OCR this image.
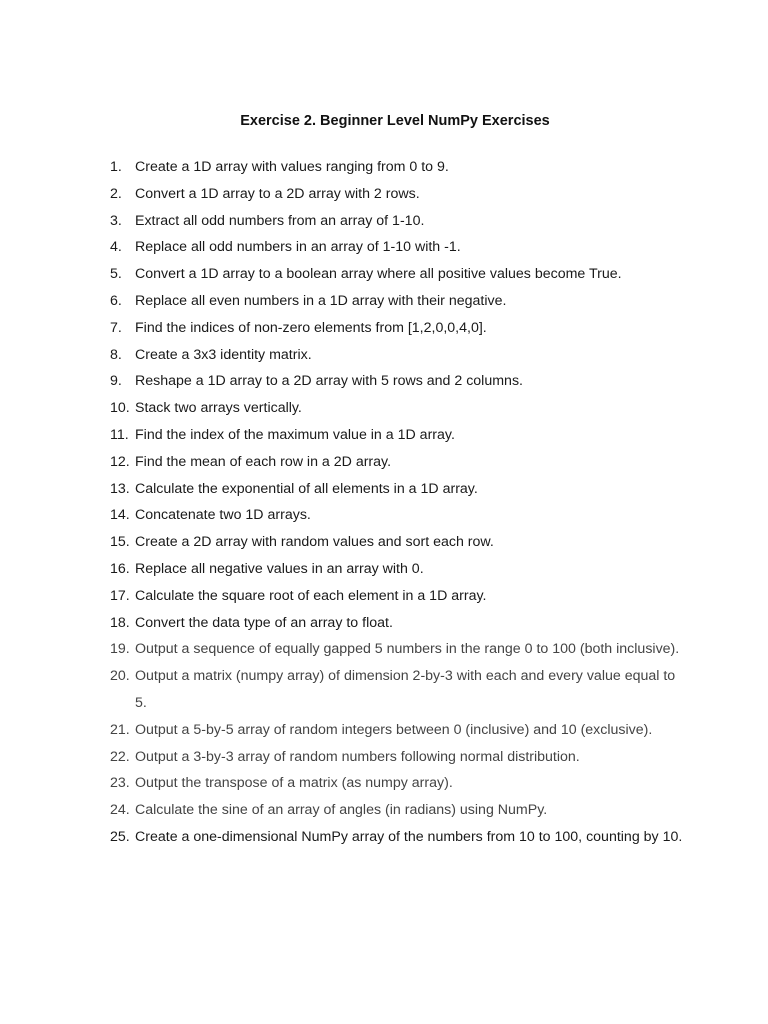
Exercise 2. Beginner Level NumPy Exercises
1. Create a 1D array with values ranging from 0 to 9.
2. Convert a 1D array to a 2D array with 2 rows.
3. Extract all odd numbers from an array of 1-10.
4. Replace all odd numbers in an array of 1-10 with -1.
5. Convert a 1D array to a boolean array where all positive values become True.
6. Replace all even numbers in a 1D array with their negative.
7. Find the indices of non-zero elements from [1,2,0,0,4,0].
8. Create a 3x3 identity matrix.
9. Reshape a 1D array to a 2D array with 5 rows and 2 columns.
10. Stack two arrays vertically.
11. Find the index of the maximum value in a 1D array.
12. Find the mean of each row in a 2D array.
13. Calculate the exponential of all elements in a 1D array.
14. Concatenate two 1D arrays.
15. Create a 2D array with random values and sort each row.
16. Replace all negative values in an array with 0.
17. Calculate the square root of each element in a 1D array.
18. Convert the data type of an array to float.
19. Output a sequence of equally gapped 5 numbers in the range 0 to 100 (both inclusive).
20. Output a matrix (numpy array) of dimension 2-by-3 with each and every value equal to 5.
21. Output a 5-by-5 array of random integers between 0 (inclusive) and 10 (exclusive).
22. Output a 3-by-3 array of random numbers following normal distribution.
23. Output the transpose of a matrix (as numpy array).
24. Calculate the sine of an array of angles (in radians) using NumPy.
25. Create a one-dimensional NumPy array of the numbers from 10 to 100, counting by 10.
